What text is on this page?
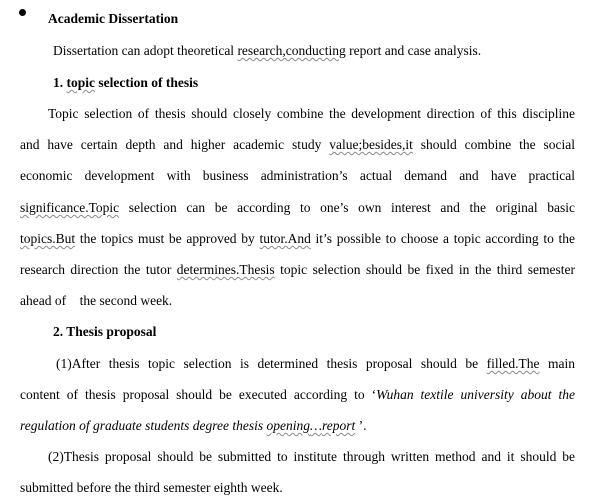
Academic Dissertation
Dissertation can adopt theoretical research,conducting report and case analysis.
1. topic selection of thesis
Topic selection of thesis should closely combine the development direction of this discipline
and have certain depth and higher academic study value;besides,it should combine the social
economic development with business administration’s actual demand and have practical
significance.Topic selection can be according to one’s own interest and the original basic
topics.But the topics must be approved by tutor.And it’s possible to choose a topic according to the
research direction the tutor determines.Thesis topic selection should be fixed in the third semester
ahead of    the second week.
2. Thesis proposal
(1)After thesis topic selection is determined thesis proposal should be filled.The main
content of thesis proposal should be executed according to ‘Wuhan textile university about the
regulation of graduate students degree thesis opening…report ’.
(2)Thesis proposal should be submitted to institute through written method and it should be
submitted before the third semester eighth week.
